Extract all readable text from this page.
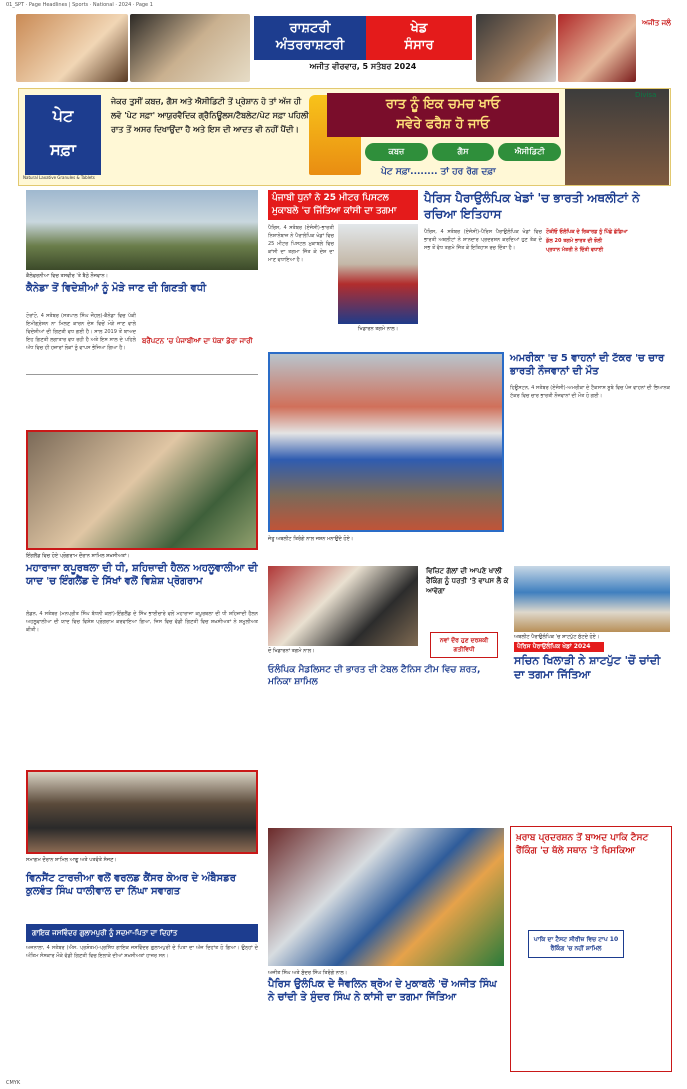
01_SPT · Page Headlines | Sports · National · 2024 · Page 1
ਰਾਸ਼ਟਰੀ
ਅੰਤਰਰਾਸ਼ਟਰੀ
ਖੇਡ
ਸੰਸਾਰ
ਅਜੀਤ ਵੀਰਵਾਰ, 5 ਸਤੰਬਰ 2024
ਅਜੀਤ ਜਲੰ
ਪੇਟ
ਸਫ਼ਾ
Natural Laxative Granules & Tablets
ਜੇਕਰ ਤੁਸੀਂ ਕਬਜ਼, ਗੈਸ ਅਤੇ ਐਸੀਡਿਟੀ ਤੋਂ ਪ੍ਰੇਸ਼ਾਨ ਹੋ ਤਾਂ ਅੱਜ ਹੀ ਲਵੋ 'ਪੇਟ ਸਫ਼ਾ' ਆਯੁਰਵੈਦਿਕ ਗ੍ਰੈਨਿਊਲਸ/ਟੈਬਲੇਟ/ਪੇਟ ਸਫ਼ਾ ਪਹਿਲੀ ਰਾਤ ਤੋਂ ਅਸਰ ਦਿਖਾਉਂਦਾ ਹੈ ਅਤੇ ਇਸ ਦੀ ਆਦਤ ਵੀ ਨਹੀਂ ਪੈਂਦੀ।
ਰਾਤ ਨੂੰ ਇਕ ਚਮਚ ਖਾਓ
ਸਵੇਰੇ ਫਰੈਸ਼ ਹੋ ਜਾਓ
ਕਬਜ਼	ਗੈਸ	ਐਸੀਡਿਟੀ
ਪੇਟ ਸਫ਼ਾ........ ਤਾਂ ਹਰ ਰੋਗ ਦਫ਼ਾ
Divisa
ਕੈਲੇਫਰਨੀਆ ਵਿਚ ਤਸਵੀਰ 'ਤੇ ਬੈਠੇ ਨੌਜਵਾਨ।
ਕੈਨੇਡਾ ਤੋਂ ਵਿਦੇਸ਼ੀਆਂ ਨੂੰ ਮੋੜੇ ਜਾਣ ਦੀ ਗਿਣਤੀ ਵਧੀ
ਟੋਰਾਂਟੋ, 4 ਸਤੰਬਰ (ਸਤਪਾਲ ਸਿੰਘ ਜੌਹਲ)-ਕੈਨੇਡਾ ਵਿਚ ਪੱਕੀ ਇਮੀਗ੍ਰੇਸ਼ਨ ਨਾ ਮਿਲਣ ਕਾਰਨ ਦੇਸ਼ ਵਿਚੋਂ ਮੋੜੇ ਜਾਣ ਵਾਲੇ ਵਿਦੇਸ਼ੀਆਂ ਦੀ ਗਿਣਤੀ ਵਧ ਗਈ ਹੈ। ਸਾਲ 2019 ਤੋਂ ਬਾਅਦ ਇਹ ਗਿਣਤੀ ਲਗਾਤਾਰ ਵਧ ਰਹੀ ਹੈ ਅਤੇ ਇਸ ਸਾਲ ਦੇ ਪਹਿਲੇ ਅੱਧ ਵਿਚ ਹੀ ਹਜ਼ਾਰਾਂ ਲੋਕਾਂ ਨੂੰ ਵਾਪਸ ਭੇਜਿਆ ਗਿਆ ਹੈ।
ਬਰੈਂਪਟਨ 'ਚ ਪੰਜਾਬੀਆਂ ਦਾ ਪੱਕਾ ਡੇਰਾ ਜਾਰੀ
ਇੰਗਲੈਂਡ ਵਿਚ ਹੋਏ ਪ੍ਰੋਗਰਾਮ ਦੌਰਾਨ ਸ਼ਾਮਿਲ ਸ਼ਖ਼ਸੀਅਤਾਂ।
ਮਹਾਰਾਜਾ ਕਪੂਰਥਲਾ ਦੀ ਧੀ, ਸ਼ਹਿਜ਼ਾਦੀ ਹੈਲਨ ਅਹਲੂਵਾਲੀਆ ਦੀ ਯਾਦ 'ਚ ਇੰਗਲੈਂਡ ਦੇ ਸਿੱਖਾਂ ਵਲੋਂ ਵਿਸ਼ੇਸ਼ ਪ੍ਰੋਗਰਾਮ
ਲੰਡਨ, 4 ਸਤੰਬਰ (ਮਨਪ੍ਰੀਤ ਸਿੰਘ ਬੱਧਨੀ ਕਲਾਂ)-ਇੰਗਲੈਂਡ ਦੇ ਸਿੱਖ ਭਾਈਚਾਰੇ ਵਲੋਂ ਮਹਾਰਾਜਾ ਕਪੂਰਥਲਾ ਦੀ ਧੀ ਸ਼ਹਿਜ਼ਾਦੀ ਹੈਲਨ ਅਹਲੂਵਾਲੀਆ ਦੀ ਯਾਦ ਵਿਚ ਵਿਸ਼ੇਸ਼ ਪ੍ਰੋਗਰਾਮ ਕਰਵਾਇਆ ਗਿਆ, ਜਿਸ ਵਿਚ ਵੱਡੀ ਗਿਣਤੀ ਵਿਚ ਸ਼ਖ਼ਸੀਅਤਾਂ ਨੇ ਸ਼ਮੂਲੀਅਤ ਕੀਤੀ।
ਸਮਾਗਮ ਦੌਰਾਨ ਸ਼ਾਮਿਲ ਆਗੂ ਅਤੇ ਪਤਵੰਤੇ ਸੱਜਣ।
ਵਿਨਸੈਂਟ ਟਾਰਜ਼ੀਆ ਵਲੋਂ ਵਰਲਡ ਕੈਂਸਰ ਕੇਅਰ ਦੇ ਅੰਬੈਸਡਰ ਕੁਲਵੰਤ ਸਿੰਘ ਧਾਲੀਵਾਲ ਦਾ ਨਿੱਘਾ ਸਵਾਗਤ
ਗਾਇਕ ਜਸਵਿੰਦਰ ਗੁਲਾਮਪੁਰੀ ਨੂੰ ਸਦਮਾ-ਪਿਤਾ ਦਾ ਦਿਹਾਂਤ
ਅਜਨਾਲਾ, 4 ਸਤੰਬਰ (ਐਸ. ਪ੍ਰਸ਼ੋਤਮ)-ਪ੍ਰਸਿੱਧ ਗਾਇਕ ਜਸਵਿੰਦਰ ਗੁਲਾਮਪੁਰੀ ਦੇ ਪਿਤਾ ਦਾ ਅੱਜ ਦਿਹਾਂਤ ਹੋ ਗਿਆ। ਉਨ੍ਹਾਂ ਦੇ ਅੰਤਿਮ ਸੰਸਕਾਰ ਮੌਕੇ ਵੱਡੀ ਗਿਣਤੀ ਵਿਚ ਇਲਾਕੇ ਦੀਆਂ ਸ਼ਖ਼ਸੀਅਤਾਂ ਹਾਜ਼ਰ ਸਨ।
ਪੰਜਾਬੀ ਧੁਨਾਂ ਨੇ 25 ਮੀਟਰ ਪਿਸਟਲ ਮੁਕਾਬਲੇ 'ਚ ਜਿੱਤਿਆ ਕਾਂਸੀ ਦਾ ਤਗਮਾ
ਪੈਰਿਸ, 4 ਸਤੰਬਰ (ਏਜੰਸੀ)-ਭਾਰਤੀ ਨਿਸ਼ਾਨੇਬਾਜ਼ ਨੇ ਪੈਰਾਲੰਪਿਕ ਖੇਡਾਂ ਵਿਚ 25 ਮੀਟਰ ਪਿਸਟਲ ਮੁਕਾਬਲੇ ਵਿਚ ਕਾਂਸੀ ਦਾ ਤਗਮਾ ਜਿੱਤ ਕੇ ਦੇਸ਼ ਦਾ ਮਾਣ ਵਧਾਇਆ ਹੈ।
ਖਿਡਾਰਨ ਤਗਮੇ ਨਾਲ।
ਪੈਰਿਸ ਪੈਰਾਉਲੰਪਿਕ ਖੇਡਾਂ 'ਚ ਭਾਰਤੀ ਅਥਲੀਟਾਂ ਨੇ ਰਚਿਆ ਇਤਿਹਾਸ
ਪੈਰਿਸ, 4 ਸਤੰਬਰ (ਏਜੰਸੀ)-ਪੈਰਿਸ ਪੈਰਾਉਲੰਪਿਕ ਖੇਡਾਂ ਵਿਚ ਭਾਰਤੀ ਅਥਲੀਟਾਂ ਨੇ ਸ਼ਾਨਦਾਰ ਪ੍ਰਦਰਸ਼ਨ ਕਰਦਿਆਂ ਹੁਣ ਤੱਕ ਦੇ ਸਭ ਤੋਂ ਵੱਧ ਤਗਮੇ ਜਿੱਤ ਕੇ ਇਤਿਹਾਸ ਰਚ ਦਿੱਤਾ ਹੈ।
ਟੋਕੀਓ ਓਲੰਪਿਕ ਦੇ ਰਿਕਾਰਡ ਨੂੰ ਪਿੱਛੇ ਛੱਡਿਆ
ਕੁੱਲ 20 ਤਗਮੇ ਭਾਰਤ ਦੀ ਝੋਲੀ
ਪ੍ਰਧਾਨ ਮੰਤਰੀ ਨੇ ਦਿੱਤੀ ਵਧਾਈ
ਜੇਤੂ ਅਥਲੀਟ ਤਿਰੰਗੇ ਨਾਲ ਜਸ਼ਨ ਮਨਾਉਂਦੇ ਹੋਏ।
ਅਮਰੀਕਾ 'ਚ 5 ਵਾਹਨਾਂ ਦੀ ਟੱਕਰ 'ਚ ਚਾਰ ਭਾਰਤੀ ਨੌਜਵਾਨਾਂ ਦੀ ਮੌਤ
ਹਿਊਸਟਨ, 4 ਸਤੰਬਰ (ਏਜੰਸੀ)-ਅਮਰੀਕਾ ਦੇ ਟੈਕਸਾਸ ਸੂਬੇ ਵਿਚ ਪੰਜ ਵਾਹਨਾਂ ਦੀ ਭਿਆਨਕ ਟੱਕਰ ਵਿਚ ਚਾਰ ਭਾਰਤੀ ਨੌਜਵਾਨਾਂ ਦੀ ਮੌਤ ਹੋ ਗਈ।
ਦੋ ਖਿਡਾਰਨਾਂ ਤਗਮੇ ਨਾਲ।
ਓਲੰਪਿਕ ਮੈਡਲਿਸਟ ਦੀ ਭਾਰਤ ਦੀ ਟੇਬਲ ਟੈਨਿਸ ਟੀਮ ਵਿਚ ਸ਼ਰਤ, ਮਨਿਕਾ ਸ਼ਾਮਿਲ
ਵਿਜ਼ਿਟ ਗੱਲਾਂ ਦੀ ਆਪਣੇ ਖਾਲੀ ਰੈਂਕਿੰਗ ਨੂੰ ਧਰਤੀ 'ਤੇ ਵਾਪਸ ਲੈ ਕੇ ਆਵੇਗਾ
ਨਵਾਂ ਦੌਰ ਹੁਣ ਦਰਸ਼ਕੀ ਗਤੀਵਿਧੀ
ਅਥਲੀਟ ਪੈਰਾਉਲੰਪਿਕ 'ਚ ਸ਼ਾਟਪੁੱਟ ਸੁੱਟਦੇ ਹੋਏ।
ਪੈਰਿਸ ਪੈਰਾਉਲੰਪਿਕ ਖੇਡਾਂ 2024
ਸਚਿਨ ਖਿਲਾੜੀ ਨੇ ਸ਼ਾਟਪੁੱਟ 'ਚੋਂ ਚਾਂਦੀ ਦਾ ਤਗਮਾ ਜਿੱਤਿਆ
ਅਜੀਤ ਸਿੰਘ ਅਤੇ ਸੁੰਦਰ ਸਿੰਘ ਤਿਰੰਗੇ ਨਾਲ।
ਪੈਰਿਸ ਉਲੰਪਿਕ ਦੇ ਜੈਵਲਿਨ ਥ੍ਰੋਅ ਦੇ ਮੁਕਾਬਲੇ 'ਚੋਂ ਅਜੀਤ ਸਿੰਘ ਨੇ ਚਾਂਦੀ ਤੇ ਸੁੰਦਰ ਸਿੰਘ ਨੇ ਕਾਂਸੀ ਦਾ ਤਗਮਾ ਜਿੱਤਿਆ
ਖ਼ਰਾਬ ਪ੍ਰਦਰਸ਼ਨ ਤੋਂ ਬਾਅਦ ਪਾਕਿ ਟੈਸਟ ਰੈਂਕਿੰਗ 'ਚ ਥੱਲੇ ਸਥਾਨ 'ਤੇ ਖਿਸਕਿਆ
ਪਾਕਿ ਦਾ ਟੈਸਟ ਸੀਰੀਜ਼ ਵਿਚ ਟਾਪ 10 ਰੈਂਕਿੰਗ 'ਚ ਨਹੀਂ ਸ਼ਾਮਿਲ
CMYK
